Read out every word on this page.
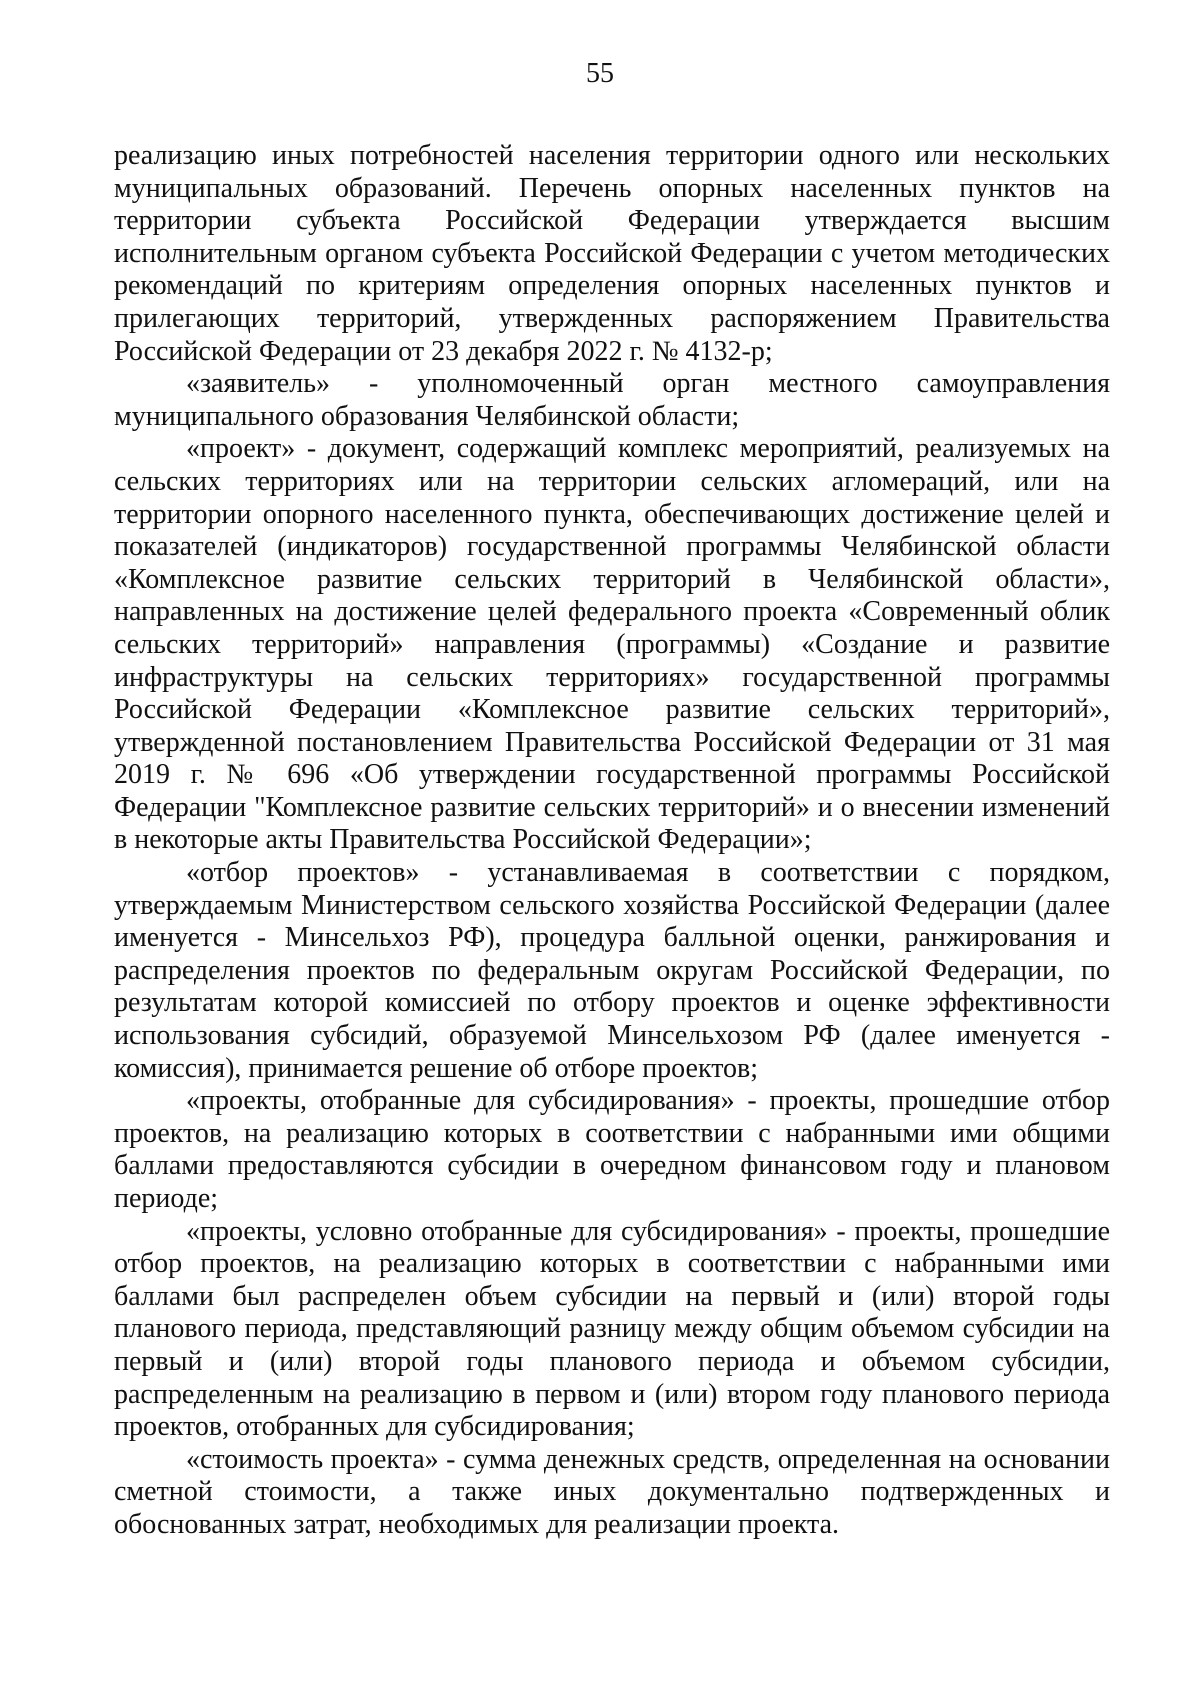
55

реализацию иных потребностей населения территории одного или нескольких муниципальных образований. Перечень опорных населенных пунктов на территории субъекта Российской Федерации утверждается высшим исполнительным органом субъекта Российской Федерации с учетом методических рекомендаций по критериям определения опорных населенных пунктов и прилегающих территорий, утвержденных распоряжением Правительства Российской Федерации от 23 декабря 2022 г. № 4132-р;

«заявитель» - уполномоченный орган местного самоуправления муниципального образования Челябинской области;

«проект» - документ, содержащий комплекс мероприятий, реализуемых на сельских территориях или на территории сельских агломераций, или на территории опорного населенного пункта, обеспечивающих достижение целей и показателей (индикаторов) государственной программы Челябинской области «Комплексное развитие сельских территорий в Челябинской области», направленных на достижение целей федерального проекта «Современный облик сельских территорий» направления (программы) «Создание и развитие инфраструктуры на сельских территориях» государственной программы Российской Федерации «Комплексное развитие сельских территорий», утвержденной постановлением Правительства Российской Федерации от 31 мая 2019 г. № 696 «Об утверждении государственной программы Российской Федерации "Комплексное развитие сельских территорий» и о внесении изменений в некоторые акты Правительства Российской Федерации»;

«отбор проектов» - устанавливаемая в соответствии с порядком, утверждаемым Министерством сельского хозяйства Российской Федерации (далее именуется - Минсельхоз РФ), процедура балльной оценки, ранжирования и распределения проектов по федеральным округам Российской Федерации, по результатам которой комиссией по отбору проектов и оценке эффективности использования субсидий, образуемой Минсельхозом РФ (далее именуется - комиссия), принимается решение об отборе проектов;

«проекты, отобранные для субсидирования» - проекты, прошедшие отбор проектов, на реализацию которых в соответствии с набранными ими общими баллами предоставляются субсидии в очередном финансовом году и плановом периоде;

«проекты, условно отобранные для субсидирования» - проекты, прошедшие отбор проектов, на реализацию которых в соответствии с набранными ими баллами был распределен объем субсидии на первый и (или) второй годы планового периода, представляющий разницу между общим объемом субсидии на первый и (или) второй годы планового периода и объемом субсидии, распределенным на реализацию в первом и (или) втором году планового периода проектов, отобранных для субсидирования;

«стоимость проекта» - сумма денежных средств, определенная на основании сметной стоимости, а также иных документально подтвержденных и обоснованных затрат, необходимых для реализации проекта.
